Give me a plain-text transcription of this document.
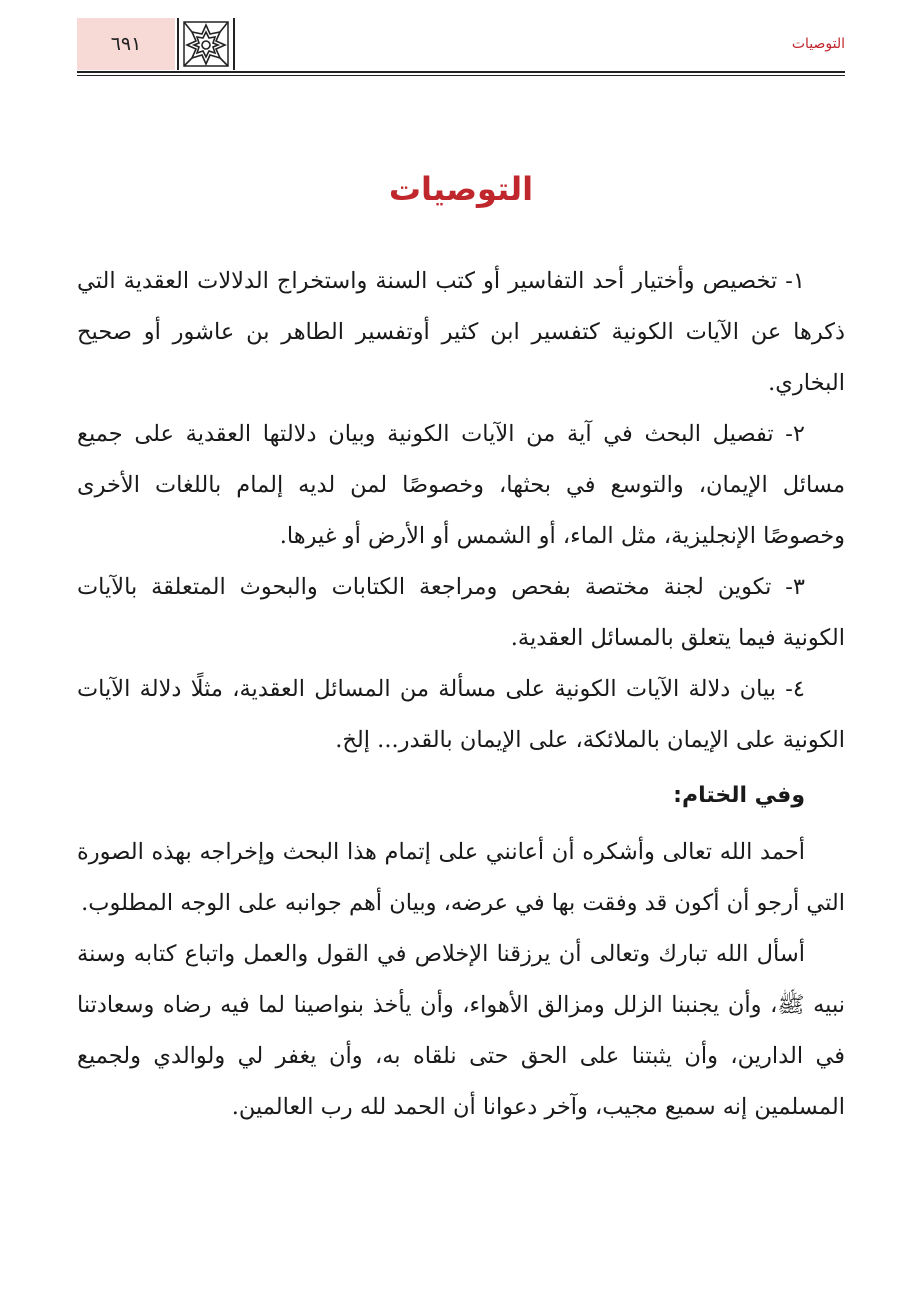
٦٩١	التوصيات
التوصيات

١- تخصيص وأختيار أحد التفاسير أو كتب السنة واستخراج الدلالات العقدية التي ذكرها عن الآيات الكونية كتفسير ابن كثير أوتفسير الطاهر بن عاشور أو صحيح البخاري.

٢- تفصيل البحث في آية من الآيات الكونية وبيان دلالتها العقدية على جميع مسائل الإيمان، والتوسع في بحثها، وخصوصًا لمن لديه إلمام باللغات الأخرى وخصوصًا الإنجليزية، مثل الماء، أو الشمس أو الأرض أو غيرها.

٣- تكوين لجنة مختصة بفحص ومراجعة الكتابات والبحوث المتعلقة بالآيات الكونية فيما يتعلق بالمسائل العقدية.

٤- بيان دلالة الآيات الكونية على مسألة من المسائل العقدية، مثلًا دلالة الآيات الكونية على الإيمان بالملائكة، على الإيمان بالقدر... إلخ.

وفي الختام:

أحمد الله تعالى وأشكره أن أعانني على إتمام هذا البحث وإخراجه بهذه الصورة التي أرجو أن أكون قد وفقت بها في عرضه، وبيان أهم جوانبه على الوجه المطلوب.

أسأل الله تبارك وتعالى أن يرزقنا الإخلاص في القول والعمل واتباع كتابه وسنة نبيه ﷺ، وأن يجنبنا الزلل ومزالق الأهواء، وأن يأخذ بنواصينا لما فيه رضاه وسعادتنا في الدارين، وأن يثبتنا على الحق حتى نلقاه به، وأن يغفر لي ولوالدي ولجميع المسلمين إنه سميع مجيب، وآخر دعوانا أن الحمد لله رب العالمين.
